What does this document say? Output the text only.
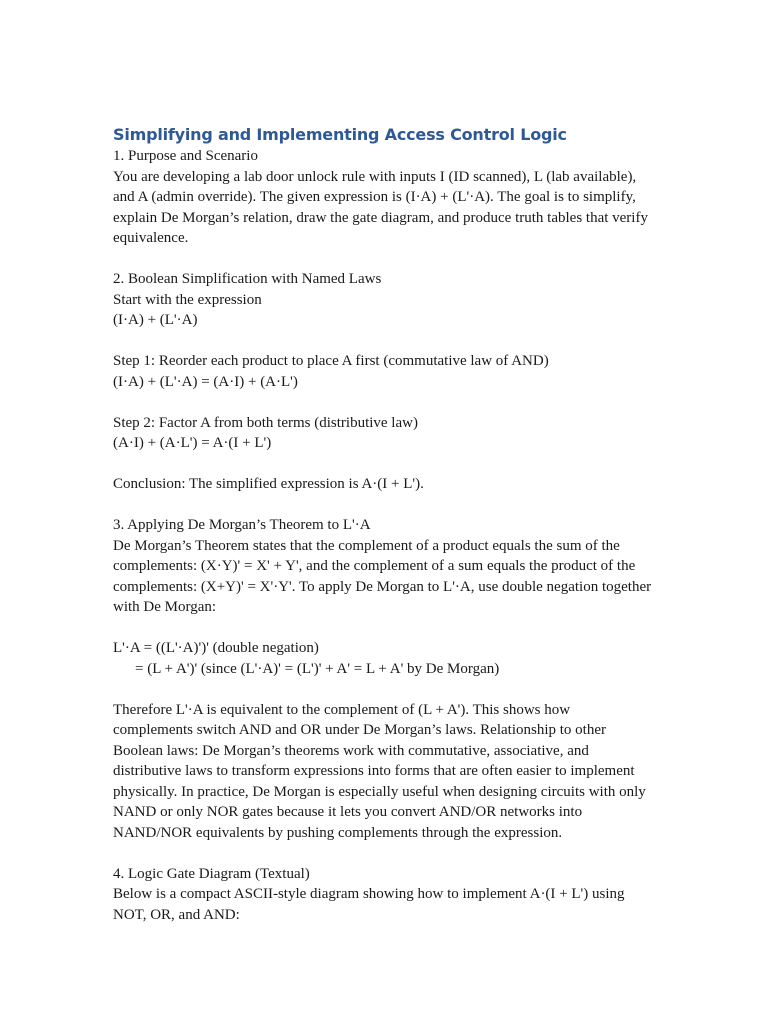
Simplifying and Implementing Access Control Logic

1. Purpose and Scenario

You are developing a lab door unlock rule with inputs I (ID scanned), L (lab available),

and A (admin override). The given expression is (I·A) + (L'·A). The goal is to simplify,

explain De Morgan’s relation, draw the gate diagram, and produce truth tables that verify

equivalence.

2. Boolean Simplification with Named Laws

Start with the expression

(I·A) + (L'·A)

Step 1: Reorder each product to place A first (commutative law of AND)

(I·A) + (L'·A) = (A·I) + (A·L')

Step 2: Factor A from both terms (distributive law)

(A·I) + (A·L') = A·(I + L')

Conclusion: The simplified expression is A·(I + L').

3. Applying De Morgan’s Theorem to L'·A

De Morgan’s Theorem states that the complement of a product equals the sum of the

complements: (X·Y)' = X' + Y', and the complement of a sum equals the product of the

complements: (X+Y)' = X'·Y'. To apply De Morgan to L'·A, use double negation together

with De Morgan:

L'·A = ((L'·A)')' (double negation)

= (L + A')' (since (L'·A)' = (L')' + A' = L + A' by De Morgan)

Therefore L'·A is equivalent to the complement of (L + A'). This shows how

complements switch AND and OR under De Morgan’s laws. Relationship to other

Boolean laws: De Morgan’s theorems work with commutative, associative, and

distributive laws to transform expressions into forms that are often easier to implement

physically. In practice, De Morgan is especially useful when designing circuits with only

NAND or only NOR gates because it lets you convert AND/OR networks into

NAND/NOR equivalents by pushing complements through the expression.

4. Logic Gate Diagram (Textual)

Below is a compact ASCII-style diagram showing how to implement A·(I + L') using

NOT, OR, and AND:
